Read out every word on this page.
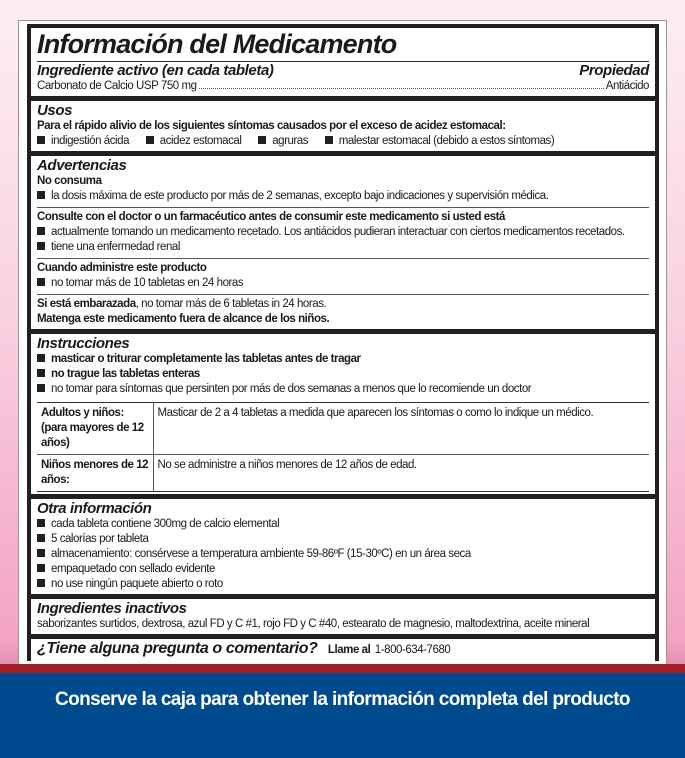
Información del Medicamento
Ingrediente activo (en cada tableta)	Propiedad
Carbonato de Calcio USP 750 mg	Antiácido
Usos
Para el rápido alivio de los siguientes síntomas causados por el exceso de acidez estomacal:
indigestión ácida	acidez estomacal	agruras	malestar estomacal (debido a estos síntomas)
Advertencias
No consuma
la dosis máxima de este producto por más de 2 semanas, excepto bajo indicaciones y supervisión médica.
Consulte con el doctor o un farmacéutico antes de consumir este medicamento si usted está
actualmente tomando un medicamento recetado. Los antiácidos pudieran interactuar con ciertos medicamentos recetados.
tiene una enfermedad renal
Cuando administre este producto
no tomar más de 10 tabletas en 24 horas
Si está embarazada, no tomar más de 6 tabletas in 24 horas.
Matenga este medicamento fuera de alcance de los niños.
Instrucciones
masticar o triturar completamente las tabletas antes de tragar
no trague las tabletas enteras
no tomar para síntomas que persinten por más de dos semanas a menos que lo recomiende un doctor
Adultos y niños: (para mayores de 12 años)	Masticar de 2 a 4 tabletas a medida que aparecen los síntomas o como lo indique un médico.
Niños menores de 12 años:	No se administre a niños menores de 12 años de edad.
Otra información
cada tableta contiene 300mg de calcio elemental
5 calorías por tableta
almacenamiento: consérvese a temperatura ambiente 59-86ºF (15-30ºC) en un área seca
empaquetado con sellado evidente
no use ningún paquete abierto o roto
Ingredientes inactivos
saborizantes surtidos, dextrosa, azul FD y C #1, rojo FD y C #40, estearato de magnesio, maltodextrina, aceite mineral
¿Tiene alguna pregunta o comentario? Llame al 1-800-634-7680
Conserve la caja para obtener la información completa del producto
